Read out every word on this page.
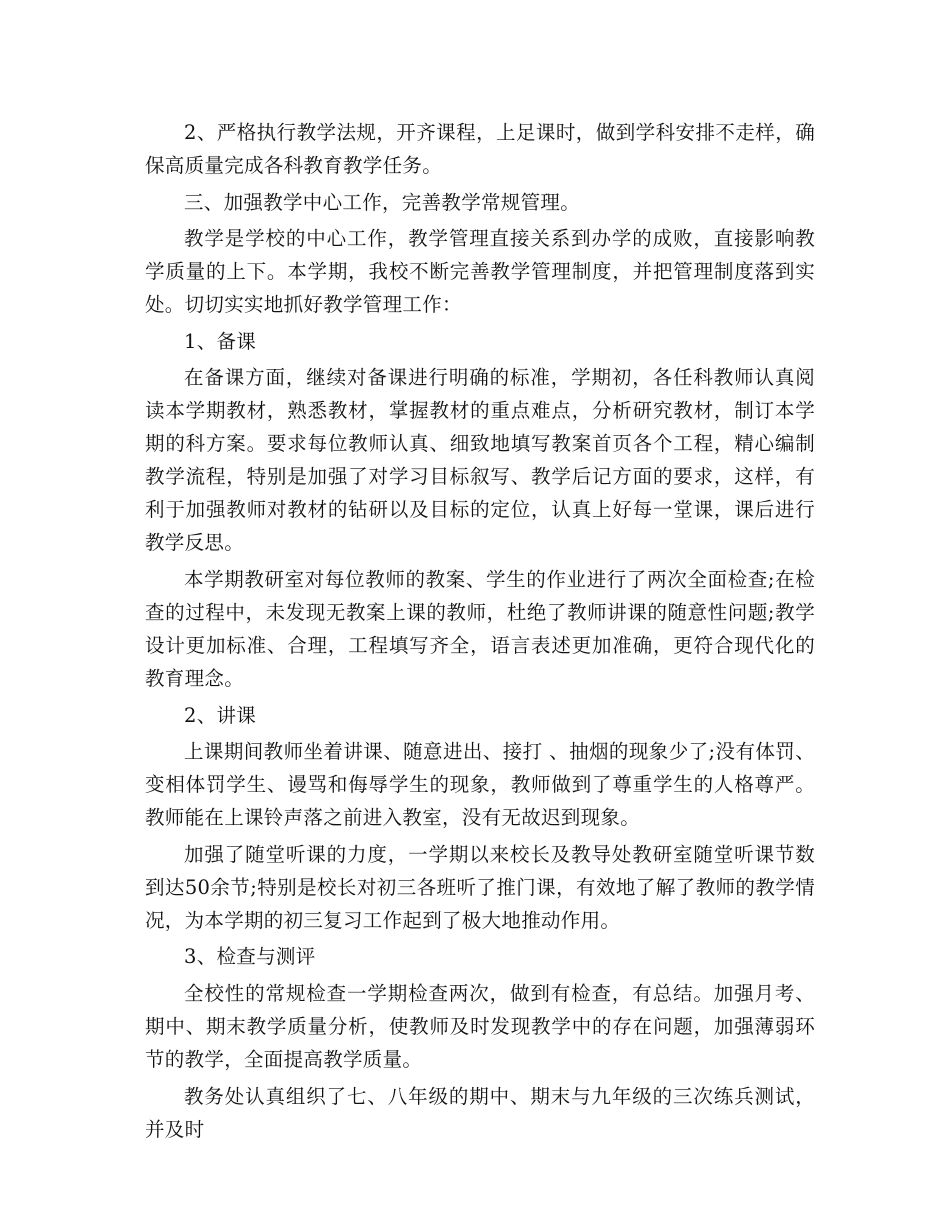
2、严格执行教学法规，开齐课程，上足课时，做到学科安排不走样，确保高质量完成各科教育教学任务。

三、加强教学中心工作，完善教学常规管理。

教学是学校的中心工作，教学管理直接关系到办学的成败，直接影响教学质量的上下。本学期，我校不断完善教学管理制度，并把管理制度落到实处。切切实实地抓好教学管理工作：

1、备课

在备课方面，继续对备课进行明确的标准，学期初，各任科教师认真阅读本学期教材，熟悉教材，掌握教材的重点难点，分析研究教材，制订本学期的科方案。要求每位教师认真、细致地填写教案首页各个工程，精心编制教学流程，特别是加强了对学习目标叙写、教学后记方面的要求，这样，有利于加强教师对教材的钻研以及目标的定位，认真上好每一堂课，课后进行教学反思。

本学期教研室对每位教师的教案、学生的作业进行了两次全面检查;在检查的过程中，未发现无教案上课的教师，杜绝了教师讲课的随意性问题;教学设计更加标准、合理，工程填写齐全，语言表述更加准确，更符合现代化的教育理念。

2、讲课

上课期间教师坐着讲课、随意进出、接打 、抽烟的现象少了;没有体罚、变相体罚学生、谩骂和侮辱学生的现象，教师做到了尊重学生的人格尊严。教师能在上课铃声落之前进入教室，没有无故迟到现象。

加强了随堂听课的力度，一学期以来校长及教导处教研室随堂听课节数到达50余节;特别是校长对初三各班听了推门课，有效地了解了教师的教学情况，为本学期的初三复习工作起到了极大地推动作用。

3、检查与测评

全校性的常规检查一学期检查两次，做到有检查，有总结。加强月考、期中、期末教学质量分析，使教师及时发现教学中的存在问题，加强薄弱环节的教学，全面提高教学质量。

教务处认真组织了七、八年级的期中、期末与九年级的三次练兵测试，并及时
